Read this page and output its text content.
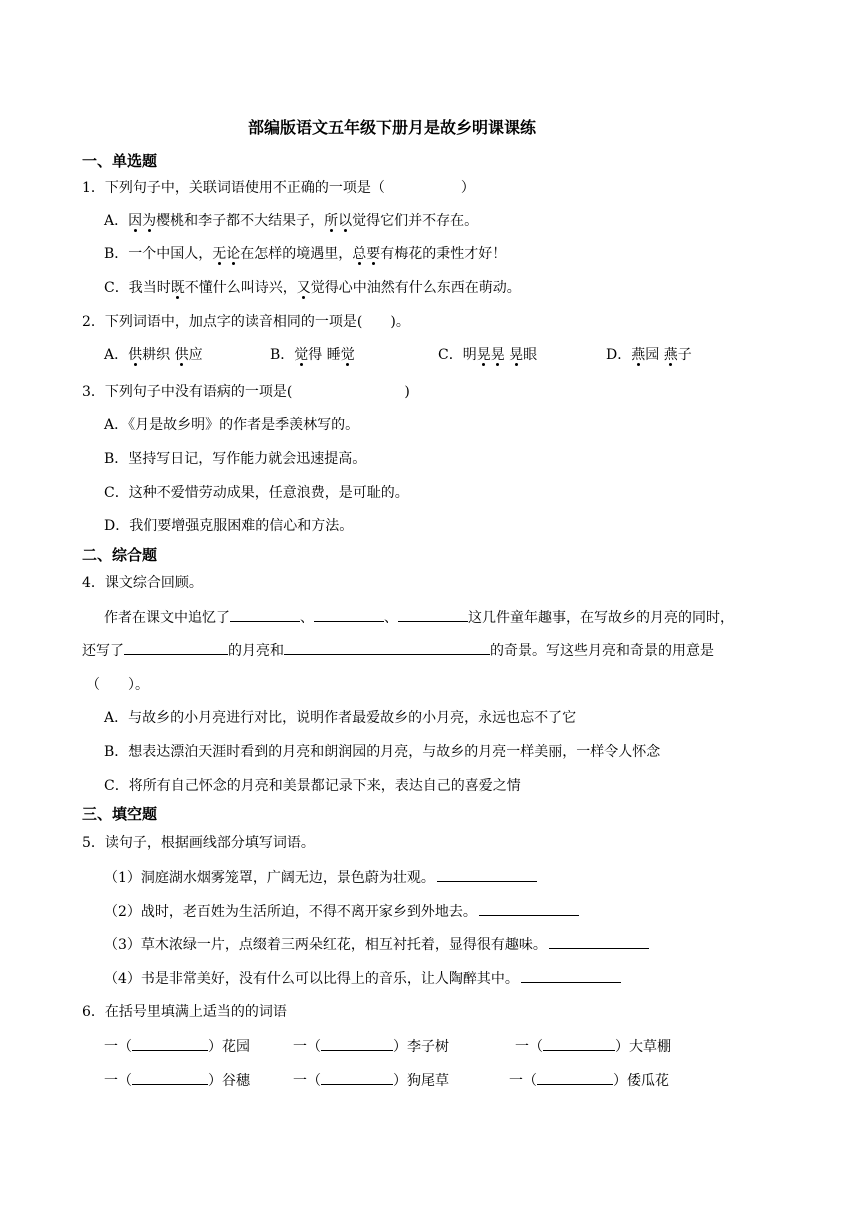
部编版语文五年级下册月是故乡明课课练
一、单选题
1．下列句子中，关联词语使用不正确的一项是（	）
A．因为樱桃和李子都不大结果子，所以觉得它们并不存在。
B．一个中国人，无论在怎样的境遇里，总要有梅花的秉性才好！
C．我当时既不懂什么叫诗兴，又觉得心中油然有什么东西在萌动。
2．下列词语中，加点字的读音相同的一项是(　　)。
A．供耕织 供应	B．觉得 睡觉	C．明晃晃 晃眼	D．燕园 燕子
3．下列句子中没有语病的一项是(	)
A．《月是故乡明》的作者是季羡林写的。
B．坚持写日记，写作能力就会迅速提高。
C．这种不爱惜劳动成果，任意浪费，是可耻的。
D．我们要增强克服困难的信心和方法。
二、综合题
4．课文综合回顾。
作者在课文中追忆了	、	、	这几件童年趣事，在写故乡的月亮的同时，
还写了	的月亮和	的奇景。写这些月亮和奇景的用意是
（　　）。
A．与故乡的小月亮进行对比，说明作者最爱故乡的小月亮，永远也忘不了它
B．想表达漂泊天涯时看到的月亮和朗润园的月亮，与故乡的月亮一样美丽，一样令人怀念
C．将所有自己怀念的月亮和美景都记录下来，表达自己的喜爱之情
三、填空题
5．读句子，根据画线部分填写词语。
（1）洞庭湖水烟雾笼罩，广阔无边，景色蔚为壮观。
（2）战时，老百姓为生活所迫，不得不离开家乡到外地去。
（3）草木浓绿一片，点缀着三两朵红花，相互衬托着，显得很有趣味。
（4）书是非常美好，没有什么可以比得上的音乐，让人陶醉其中。
6．在括号里填满上适当的的词语
一（	）花园	一（	）李子树	一（	）大草棚
一（	）谷穗	一（	）狗尾草	一（	）倭瓜花
